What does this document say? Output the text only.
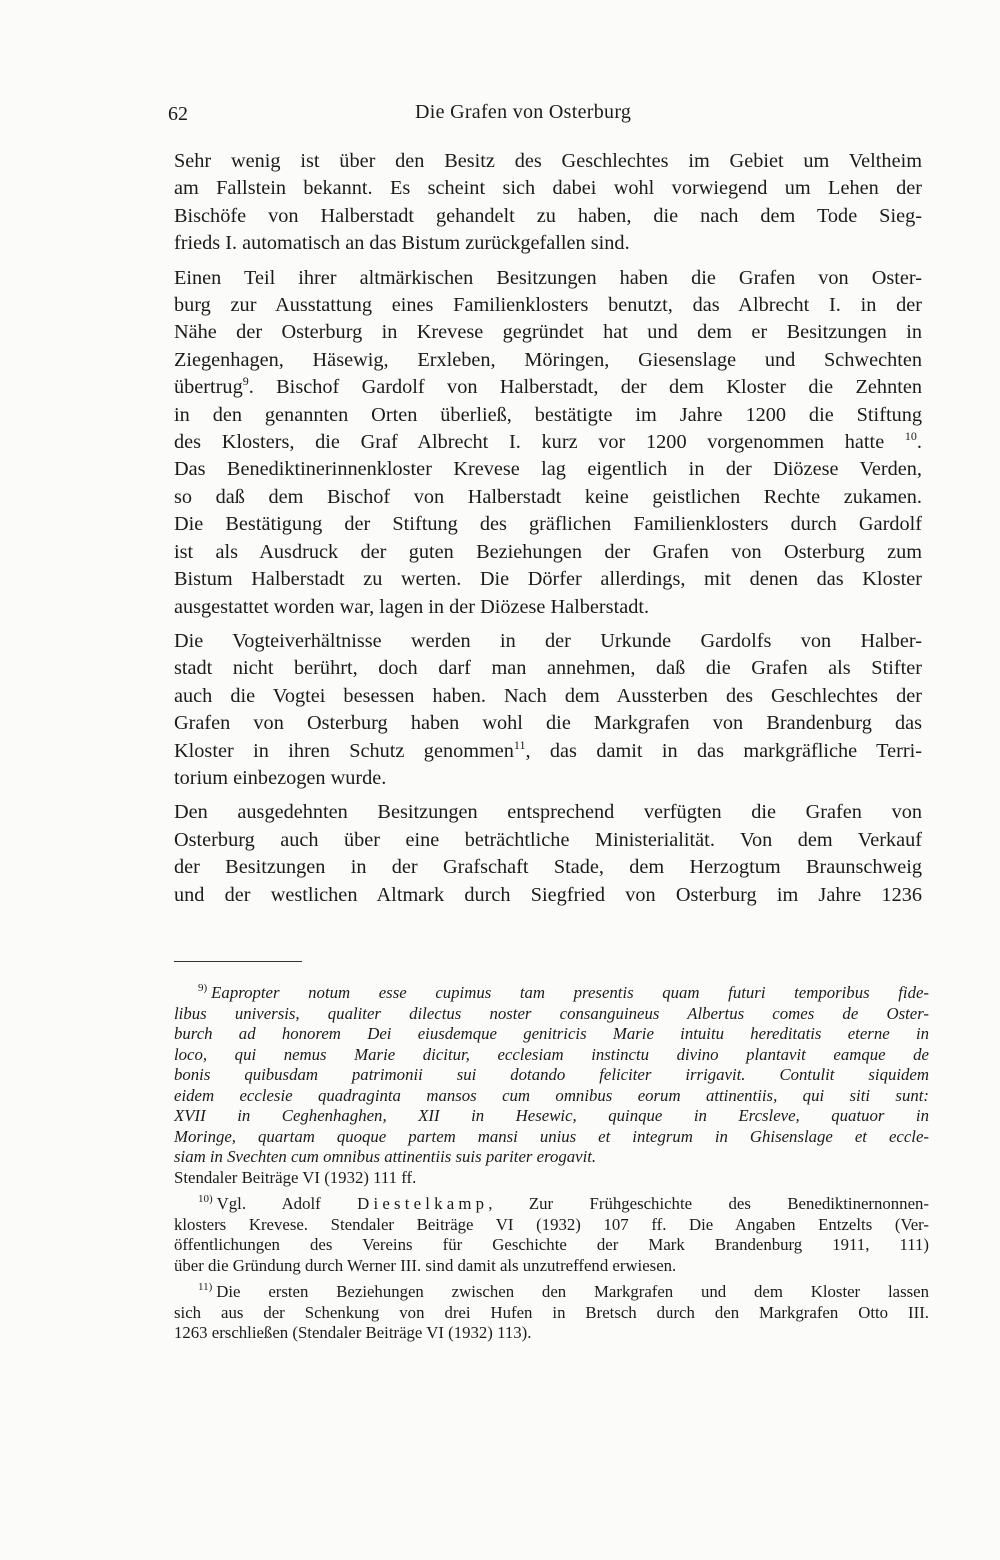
62	Die Grafen von Osterburg

Sehr wenig ist über den Besitz des Geschlechtes im Gebiet um Veltheim
am Fallstein bekannt. Es scheint sich dabei wohl vorwiegend um Lehen der
Bischöfe von Halberstadt gehandelt zu haben, die nach dem Tode Sieg-
frieds I. automatisch an das Bistum zurückgefallen sind.

Einen Teil ihrer altmärkischen Besitzungen haben die Grafen von Oster-
burg zur Ausstattung eines Familienklosters benutzt, das Albrecht I. in der
Nähe der Osterburg in Krevese gegründet hat und dem er Besitzungen in
Ziegenhagen, Häsewig, Erxleben, Möringen, Giesenslage und Schwechten
übertrug$^9$. Bischof Gardolf von Halberstadt, der dem Kloster die Zehnten
in den genannten Orten überließ, bestätigte im Jahre 1200 die Stiftung
des Klosters, die Graf Albrecht I. kurz vor 1200 vorgenommen hatte $^{10}$.
Das Benediktinerinnenkloster Krevese lag eigentlich in der Diözese Verden,
so daß dem Bischof von Halberstadt keine geistlichen Rechte zukamen.
Die Bestätigung der Stiftung des gräflichen Familienklosters durch Gardolf
ist als Ausdruck der guten Beziehungen der Grafen von Osterburg zum
Bistum Halberstadt zu werten. Die Dörfer allerdings, mit denen das Kloster
ausgestattet worden war, lagen in der Diözese Halberstadt.

Die Vogteiverhältnisse werden in der Urkunde Gardolfs von Halber-
stadt nicht berührt, doch darf man annehmen, daß die Grafen als Stifter
auch die Vogtei besessen haben. Nach dem Aussterben des Geschlechtes der
Grafen von Osterburg haben wohl die Markgrafen von Brandenburg das
Kloster in ihren Schutz genommen$^{11}$, das damit in das markgräfliche Terri-
torium einbezogen wurde.

Den ausgedehnten Besitzungen entsprechend verfügten die Grafen von
Osterburg auch über eine beträchtliche Ministerialität. Von dem Verkauf
der Besitzungen in der Grafschaft Stade, dem Herzogtum Braunschweig
und der westlichen Altmark durch Siegfried von Osterburg im Jahre 1236

$^{9)}$ Eapropter notum esse cupimus tam presentis quam futuri temporibus fide-
libus universis, qualiter dilectus noster consanguineus Albertus comes de Oster-
burch ad honorem Dei eiusdemque genitricis Marie intuitu hereditatis eterne in
loco, qui nemus Marie dicitur, ecclesiam instinctu divino plantavit eamque de
bonis quibusdam patrimonii sui dotando feliciter irrigavit. Contulit siquidem
eidem ecclesie quadraginta mansos cum omnibus eorum attinentiis, qui siti sunt:
XVII in Ceghenhaghen, XII in Hesewic, quinque in Ercsleve, quatuor in
Moringe, quartam quoque partem mansi unius et integrum in Ghisenslage et eccle-
siam in Svechten cum omnibus attinentiis suis pariter erogavit.
Stendaler Beiträge VI (1932) 111 ff.
$^{10)}$ Vgl. Adolf Diestelkamp, Zur Frühgeschichte des Benediktinernonnen-
klosters Krevese. Stendaler Beiträge VI (1932) 107 ff. Die Angaben Entzelts (Ver-
öffentlichungen des Vereins für Geschichte der Mark Brandenburg 1911, 111)
über die Gründung durch Werner III. sind damit als unzutreffend erwiesen.
$^{11)}$ Die ersten Beziehungen zwischen den Markgrafen und dem Kloster lassen
sich aus der Schenkung von drei Hufen in Bretsch durch den Markgrafen Otto III.
1263 erschließen (Stendaler Beiträge VI (1932) 113).
